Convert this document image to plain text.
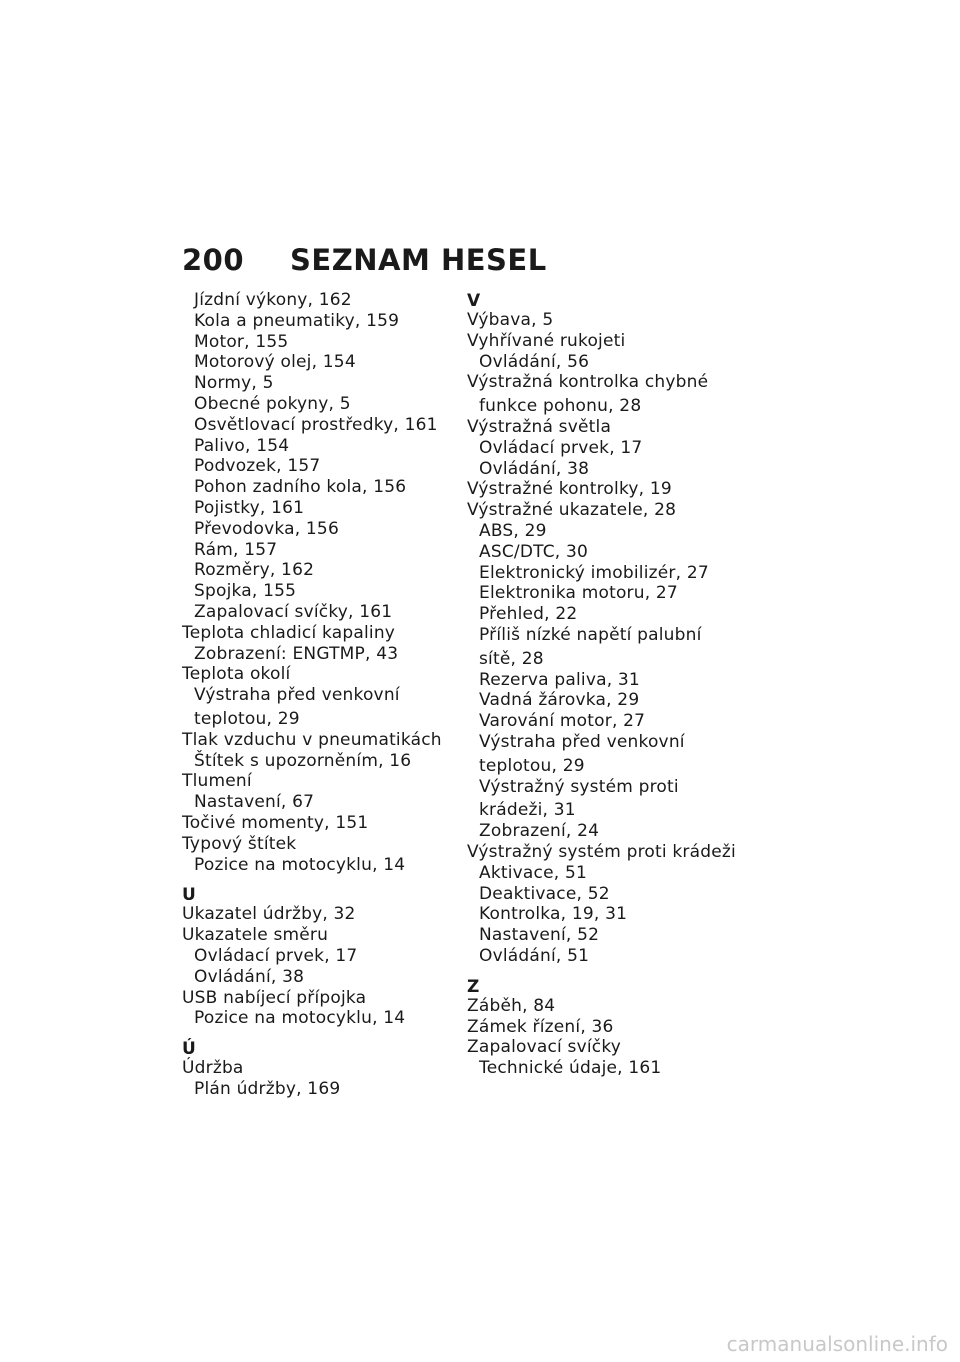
200 SEZNAM HESEL
Jízdní výkony, 162
Kola a pneumatiky, 159
Motor, 155
Motorový olej, 154
Normy, 5
Obecné pokyny, 5
Osvětlovací prostředky, 161
Palivo, 154
Podvozek, 157
Pohon zadního kola, 156
Pojistky, 161
Převodovka, 156
Rám, 157
Rozměry, 162
Spojka, 155
Zapalovací svíčky, 161
Teplota chladicí kapaliny
Zobrazení: ENGTMP, 43
Teplota okolí
Výstraha před venkovní
teplotou, 29
Tlak vzduchu v pneumatikách
Štítek s upozorněním, 16
Tlumení
Nastavení, 67
Točivé momenty, 151
Typový štítek
Pozice na motocyklu, 14
U
Ukazatel údržby, 32
Ukazatele směru
Ovládací prvek, 17
Ovládání, 38
USB nabíjecí přípojka
Pozice na motocyklu, 14
Ú
Údržba
Plán údržby, 169
V
Výbava, 5
Vyhřívané rukojeti
Ovládání, 56
Výstražná kontrolka chybné
funkce pohonu, 28
Výstražná světla
Ovládací prvek, 17
Ovládání, 38
Výstražné kontrolky, 19
Výstražné ukazatele, 28
ABS, 29
ASC/DTC, 30
Elektronický imobilizér, 27
Elektronika motoru, 27
Přehled, 22
Příliš nízké napětí palubní
sítě, 28
Rezerva paliva, 31
Vadná žárovka, 29
Varování motor, 27
Výstraha před venkovní
teplotou, 29
Výstražný systém proti
krádeži, 31
Zobrazení, 24
Výstražný systém proti krádeži
Aktivace, 51
Deaktivace, 52
Kontrolka, 19, 31
Nastavení, 52
Ovládání, 51
Z
Záběh, 84
Zámek řízení, 36
Zapalovací svíčky
Technické údaje, 161
carmanualsonline.info
